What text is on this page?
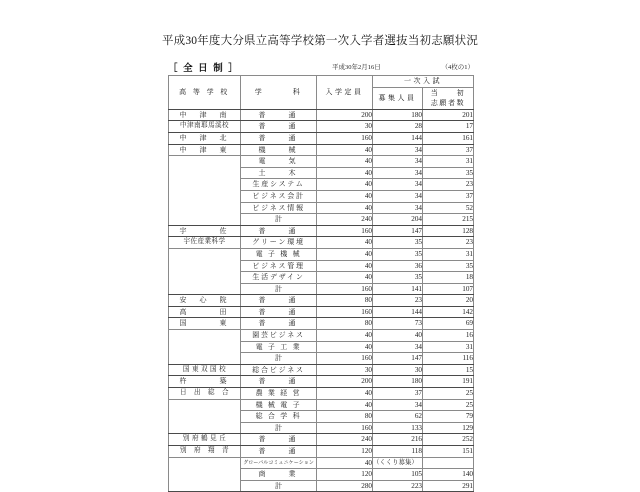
平成30年度大分県立高等学校第一次入学者選抜当初志願状況
［ 全 日 制 ］	平成30年2月16日	（4枚の1）
高 等 学 校	学　　　科	入学定員	一次入試	
			募集人員	当　　初
志願者数

中　津　南	普　　通	200	180	201
中津南耶馬溪校	普　　通	30	28	17
中　津　北	普　　通	160	144	161
中　津　東	機　　械	40	34	37
	電　　気	40	34	31
	土　　木	40	34	35
	生産システム	40	34	23
	ビジネス会計	40	34	37
	ビジネス情報	40	34	52
	計	240	204	215
宇　　　佐	普　　通	160	147	128
宇佐産業科学	グリーン環境	40	35	23
	電 子 機 械	40	35	31
	ビジネス管理	40	36	35
	生活デザイン	40	35	18
	計	160	141	107
安　心　院	普　　通	80	23	20
高　　　田	普　　通	160	144	142
国　　　東	普　　通	80	73	69
	園芸ビジネス	40	40	16
	電 子 工 業	40	34	31
	計	160	147	116
国 東 双 国 校	総合ビジネス	30	30	15
杵　　　築	普　　通	200	180	191
日　出　総　合	農 業 経 営	40	37	25
	機 械 電 子	40	34	25
	総 合 学 科	80	62	79
	計	160	133	129
別 府 鶴 見 丘	普　　通	240	216	252
別　府　翔　青	普　　通	120	118	151
	グローバルコミュニケーション	40	（くくり募集）	
	商　　業	120	105	140
	計	280	223	291
